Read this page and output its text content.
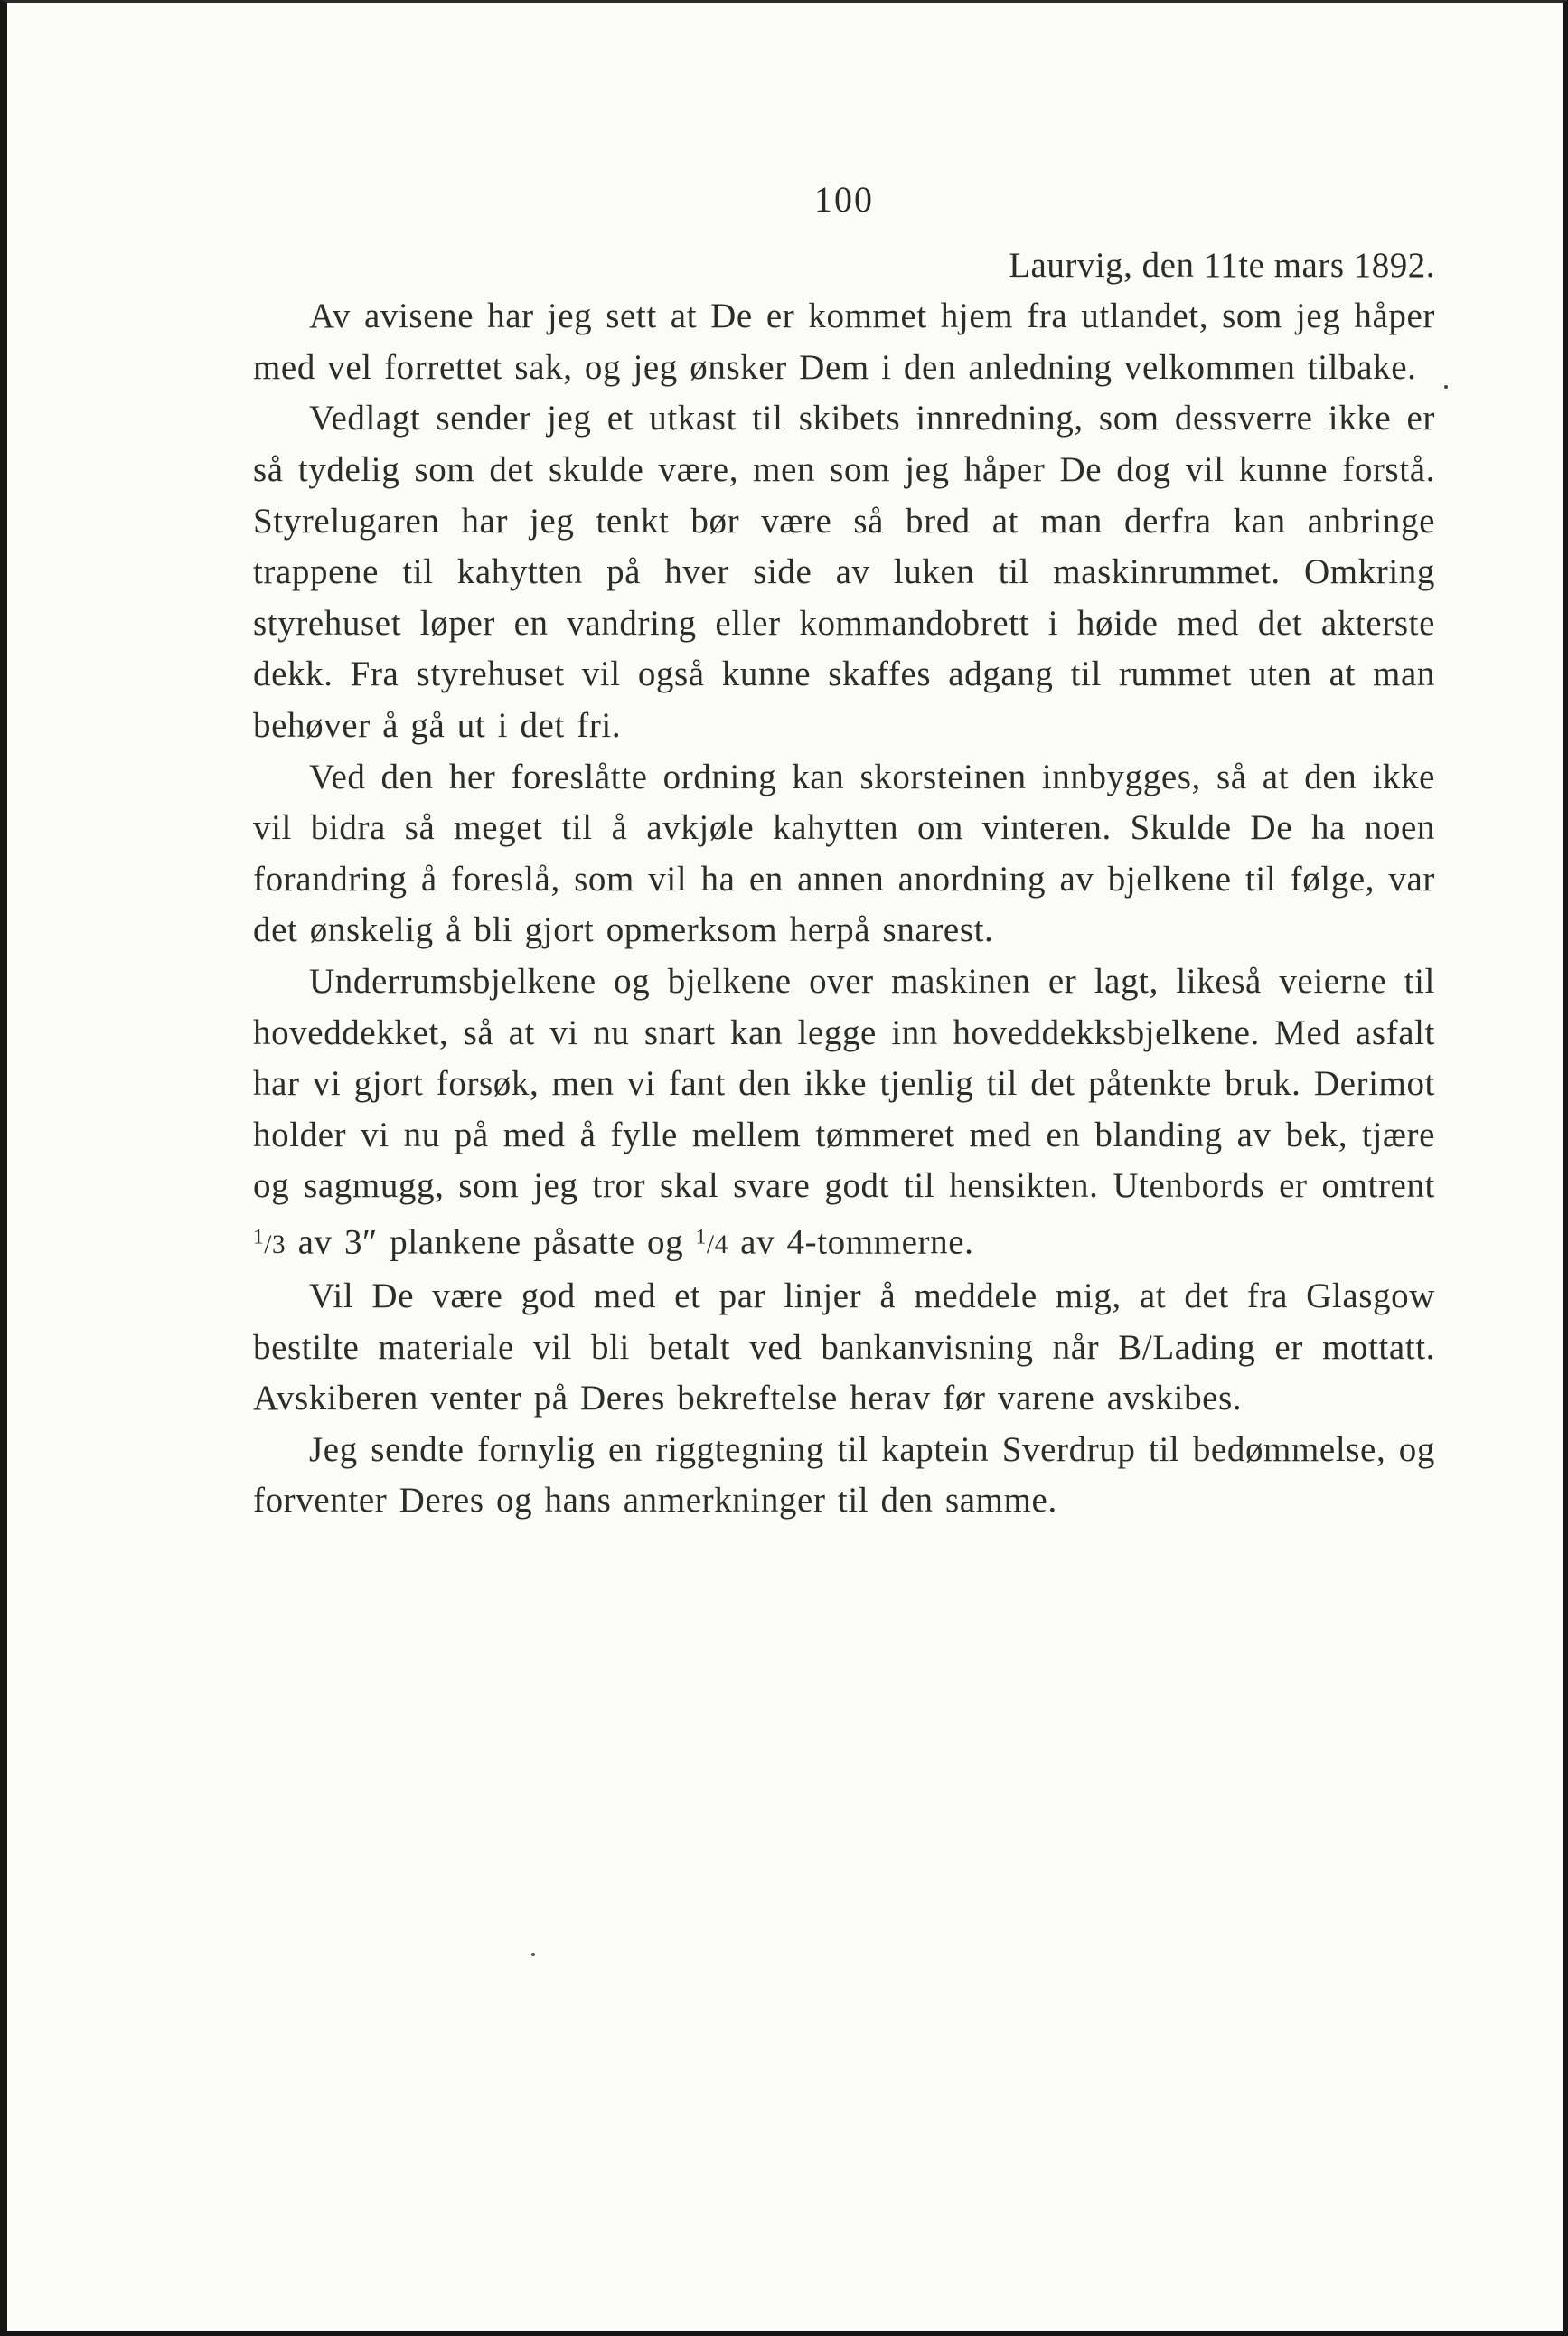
100
Laurvig, den 11te mars 1892.

Av avisene har jeg sett at De er kommet hjem fra utlandet, som jeg håper med vel forrettet sak, og jeg ønsker Dem i den anledning velkommen tilbake.

Vedlagt sender jeg et utkast til skibets innredning, som dessverre ikke er så tydelig som det skulde være, men som jeg håper De dog vil kunne forstå. Styrelugaren har jeg tenkt bør være så bred at man derfra kan anbringe trappene til kahytten på hver side av luken til maskinrummet. Omkring styrehuset løper en vandring eller kommandobrett i høide med det akterste dekk. Fra styrehuset vil også kunne skaffes adgang til rummet uten at man behøver å gå ut i det fri.

Ved den her foreslåtte ordning kan skorsteinen innbygges, så at den ikke vil bidra så meget til å avkjøle kahytten om vinteren. Skulde De ha noen forandring å foreslå, som vil ha en annen anordning av bjelkene til følge, var det ønskelig å bli gjort opmerksom herpå snarest.

Underrumsbjelkene og bjelkene over maskinen er lagt, likeså veierne til hoveddekket, så at vi nu snart kan legge inn hoveddekksbjelkene. Med asfalt har vi gjort forsøk, men vi fant den ikke tjenlig til det påtenkte bruk. Derimot holder vi nu på med å fylle mellem tømmeret med en blanding av bek, tjære og sagmugg, som jeg tror skal svare godt til hensikten. Utenbords er omtrent $^1$/3 av 3″ plankene påsatte og $^1$/4 av 4-tommerne.

Vil De være god med et par linjer å meddele mig, at det fra Glasgow bestilte materiale vil bli betalt ved bankanvisning når B/Lading er mottatt. Avskiberen venter på Deres bekreftelse herav før varene avskibes.

Jeg sendte fornylig en riggtegning til kaptein Sverdrup til bedømmelse, og forventer Deres og hans anmerkninger til den samme.
